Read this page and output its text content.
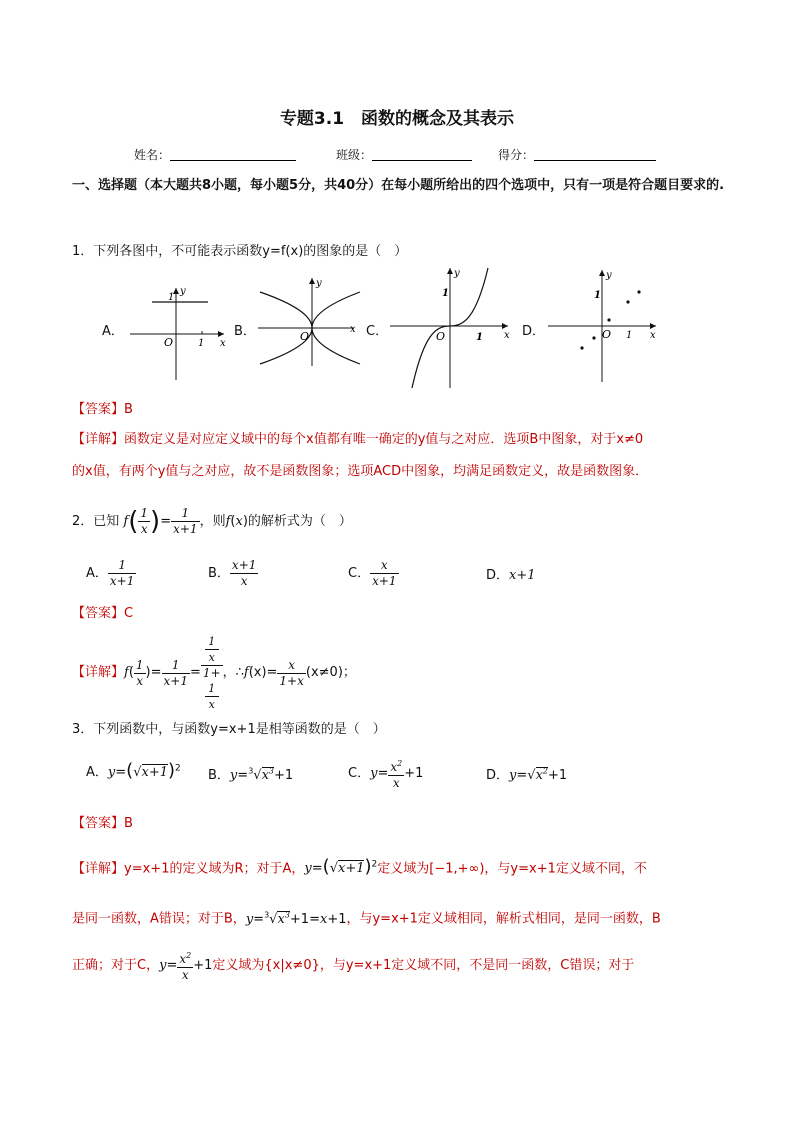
专题3.1　函数的概念及其表示
姓名：	班级：	得分：
一、选择题（本大题共8小题，每小题5分，共40分）在每小题所给出的四个选项中，只有一项是符合题目要求的.
1．下列各图中，不可能表示函数y=f(x)的图象的是（　）
A．
y
1
O 1 x
B．
y
O
x C．
y
1
O	1 x D．
y
1
O 1 x
【答案】B
【详解】函数定义是对应定义域中的每个x值都有唯一确定的y值与之对应．选项B中图象，对于x≠0
的x值，有两个y值与之对应，故不是函数图象；选项ACD中图象，均满足函数定义，故是函数图象．
2．已知 $f( \frac{1}{x}$ )= $\frac{1}{x+1}$ ，则f(x)的解析式为（　）
A． $\frac{1}{x+1}$	B． $\frac{x+1}{x}$	C． $\frac{x}{x+1}$	D．x+1
【答案】C
【详解】$f( \frac{1}{x}$ )= $\frac{1}{x+1} = 1$
x
1+
1
x ，∴f(x)= $\frac{x}{1+x} (x\ne 0)$；
3．下列函数中，与函数y=x+1是相等函数的是（　）
A．$y=(√x+1)^2$ B．$y=^3√x^3+1$	C．$y= \frac{x^2}{x} +1$	D．$y=√x^2+1$
【答案】B
【详解】y=x+1的定义域为R；对于A，$y=(√x+1)^2$定义域为[−1,+∞)，与y=x+1定义域不同，不
是同一函数，A错误；对于B，$y=^3√x^3+1=x+1$，与y=x+1定义域相同，解析式相同，是同一函数，B
正确；对于C，$y= \frac{x^2}{x} +1$定义域为{x|x≠0}，与y=x+1定义域不同，不是同一函数，C错误；对于
